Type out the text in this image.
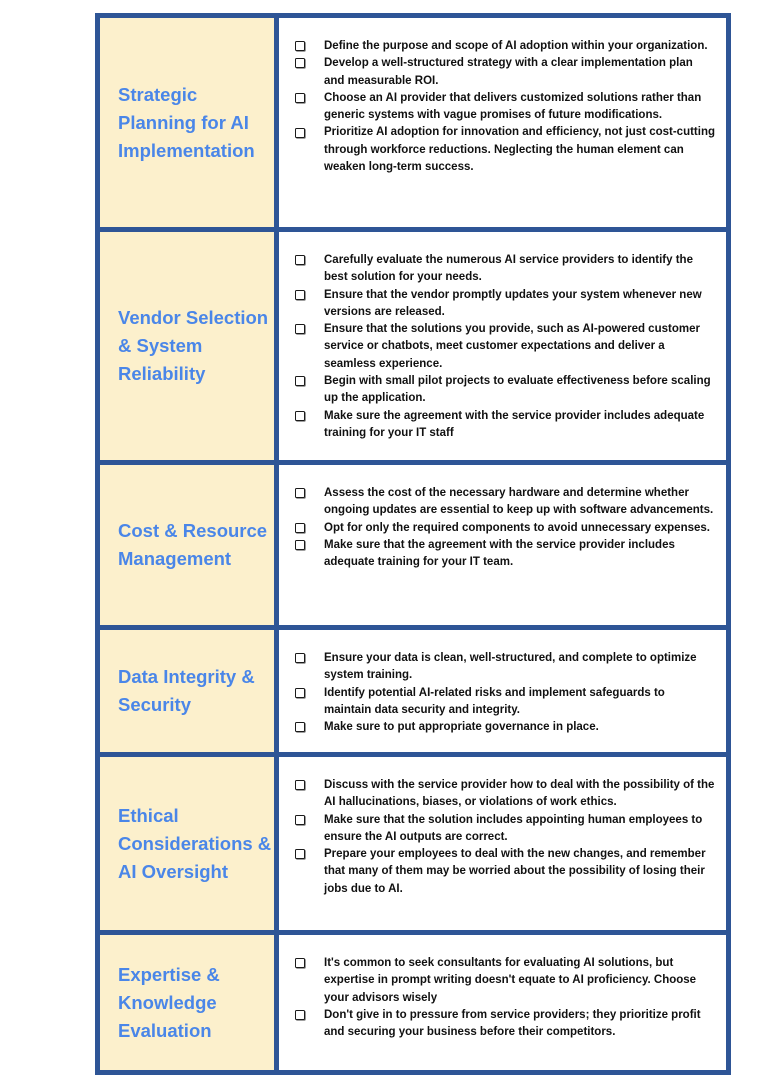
Strategic Planning for AI Implementation
Define the purpose and scope of AI adoption within your organization.
Develop a well-structured strategy with a clear implementation plan and measurable ROI.
Choose an AI provider that delivers customized solutions rather than generic systems with vague promises of future modifications.
Prioritize AI adoption for innovation and efficiency, not just cost-cutting through workforce reductions. Neglecting the human element can weaken long-term success.
Vendor Selection & System Reliability
Carefully evaluate the numerous AI service providers to identify the best solution for your needs.
Ensure that the vendor promptly updates your system whenever new versions are released.
Ensure that the solutions you provide, such as AI-powered customer service or chatbots, meet customer expectations and deliver a seamless experience.
Begin with small pilot projects to evaluate effectiveness before scaling up the application.
Make sure the agreement with the service provider includes adequate training for your IT staff
Cost & Resource Management
Assess the cost of the necessary hardware and determine whether ongoing updates are essential to keep up with software advancements.
Opt for only the required components to avoid unnecessary expenses.
Make sure that the agreement with the service provider includes adequate training for your IT team.
Data Integrity & Security
Ensure your data is clean, well-structured, and complete to optimize system training.
Identify potential AI-related risks and implement safeguards to maintain data security and integrity.
Make sure to put appropriate governance in place.
Ethical Considerations & AI Oversight
Discuss with the service provider how to deal with the possibility of the AI hallucinations, biases, or violations of work ethics.
Make sure that the solution includes appointing human employees to ensure the AI outputs are correct.
Prepare your employees to deal with the new changes, and remember that many of them may be worried about the possibility of losing their jobs due to AI.
Expertise & Knowledge Evaluation
It's common to seek consultants for evaluating AI solutions, but expertise in prompt writing doesn't equate to AI proficiency. Choose your advisors wisely
Don't give in to pressure from service providers; they prioritize profit and securing your business before their competitors.
